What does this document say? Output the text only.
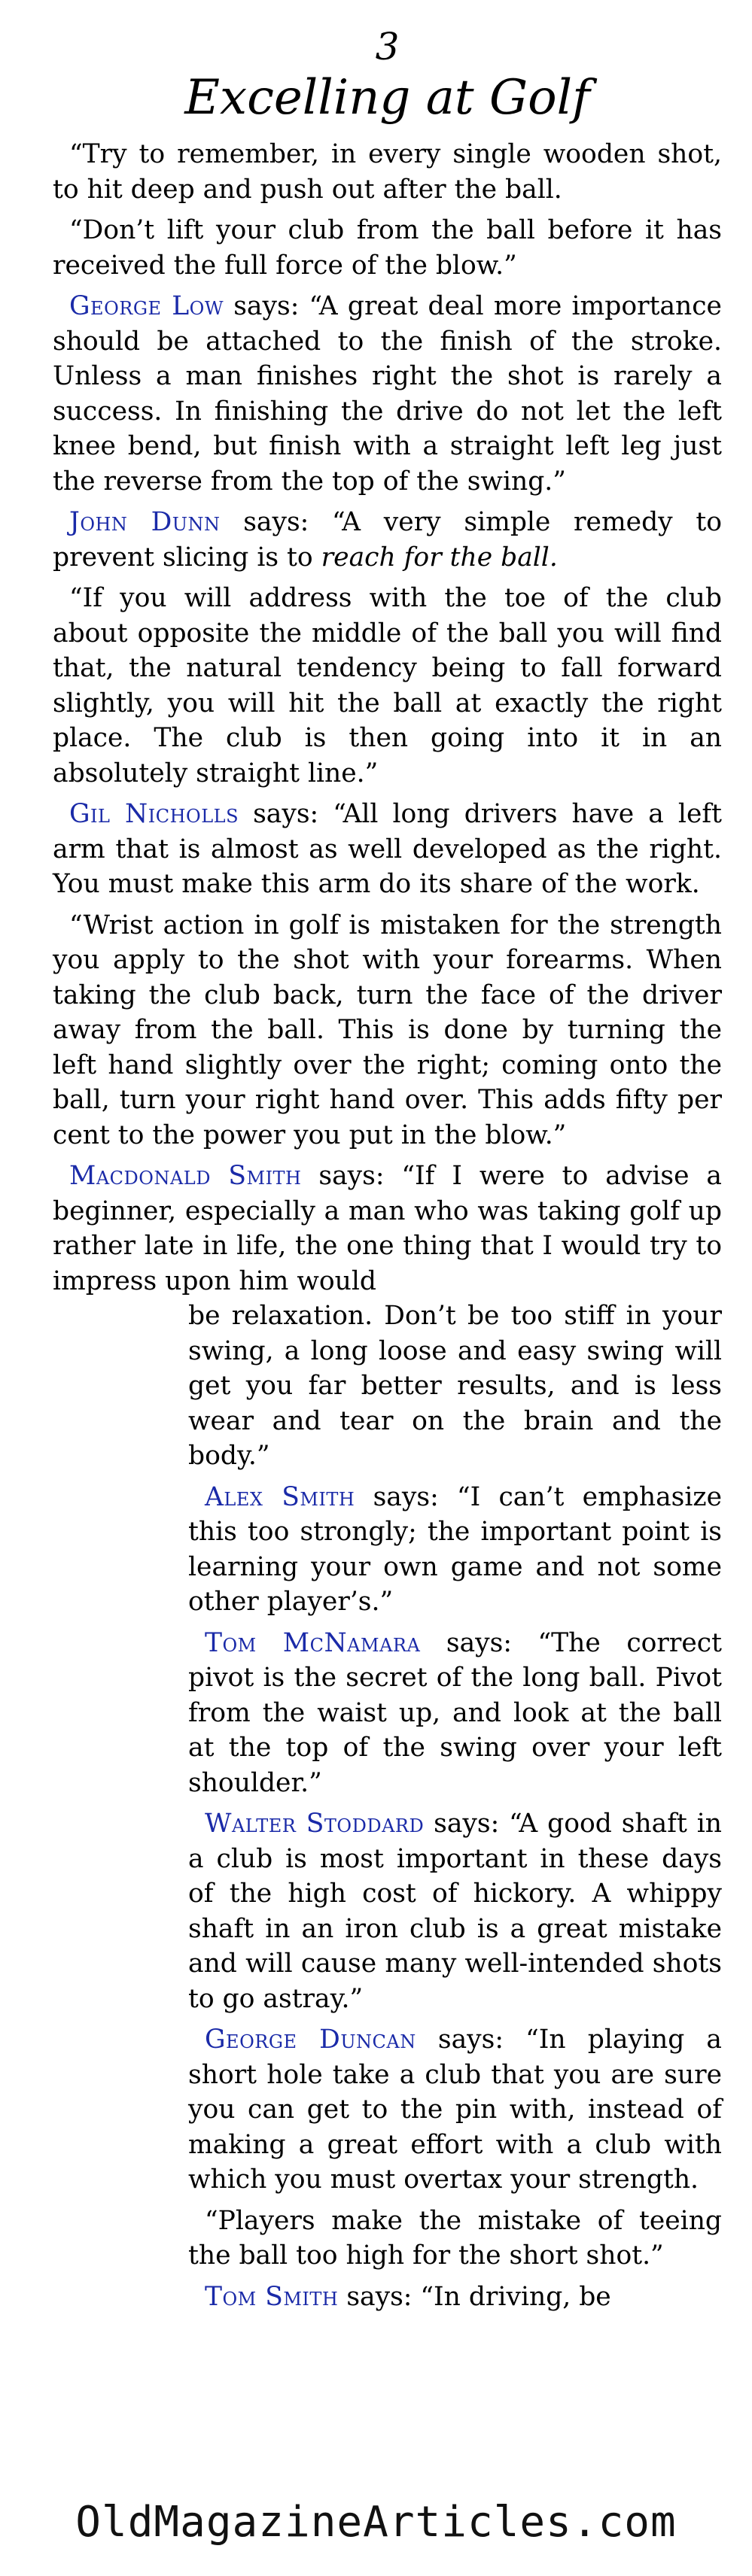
3
Excelling at Golf

“Try to remember, in every single wooden shot, to hit deep and push out after the ball.

“Don’t lift your club from the ball before it has received the full force of the blow.”

George Low says: “A great deal more importance should be attached to the finish of the stroke. Unless a man finishes right the shot is rarely a success. In finishing the drive do not let the left knee bend, but finish with a straight left leg just the reverse from the top of the swing.”

John Dunn says: “A very simple remedy to prevent slicing is to reach for the ball.

“If you will address with the toe of the club about opposite the middle of the ball you will find that, the natural tendency being to fall forward slightly, you will hit the ball at exactly the right place. The club is then going into it in an absolutely straight line.”

Gil Nicholls says: “All long drivers have a left arm that is almost as well developed as the right. You must make this arm do its share of the work.

“Wrist action in golf is mistaken for the strength you apply to the shot with your forearms. When taking the club back, turn the face of the driver away from the ball. This is done by turning the left hand slightly over the right; coming onto the ball, turn your right hand over. This adds fifty per cent to the power you put in the blow.”

Macdonald Smith says: “If I were to advise a beginner, especially a man who was taking golf up rather late in life, the one thing that I would try to impress upon him would

be relaxation. Don’t be too stiff in your swing, a long loose and easy swing will get you far better results, and is less wear and tear on the brain and the body.”

Alex Smith says: “I can’t emphasize this too strongly; the important point is learning your own game and not some other player’s.”

Tom McNamara says: “The correct pivot is the secret of the long ball. Pivot from the waist up, and look at the ball at the top of the swing over your left shoulder.”

Walter Stoddard says: “A good shaft in a club is most important in these days of the high cost of hickory. A whippy shaft in an iron club is a great mistake and will cause many well-intended shots to go astray.”

George Duncan says: “In playing a short hole take a club that you are sure you can get to the pin with, instead of making a great effort with a club with which you must overtax your strength.

“Players make the mistake of teeing the ball too high for the short shot.”

Tom Smith says: “In driving, be

OldMagazineArticles.com
